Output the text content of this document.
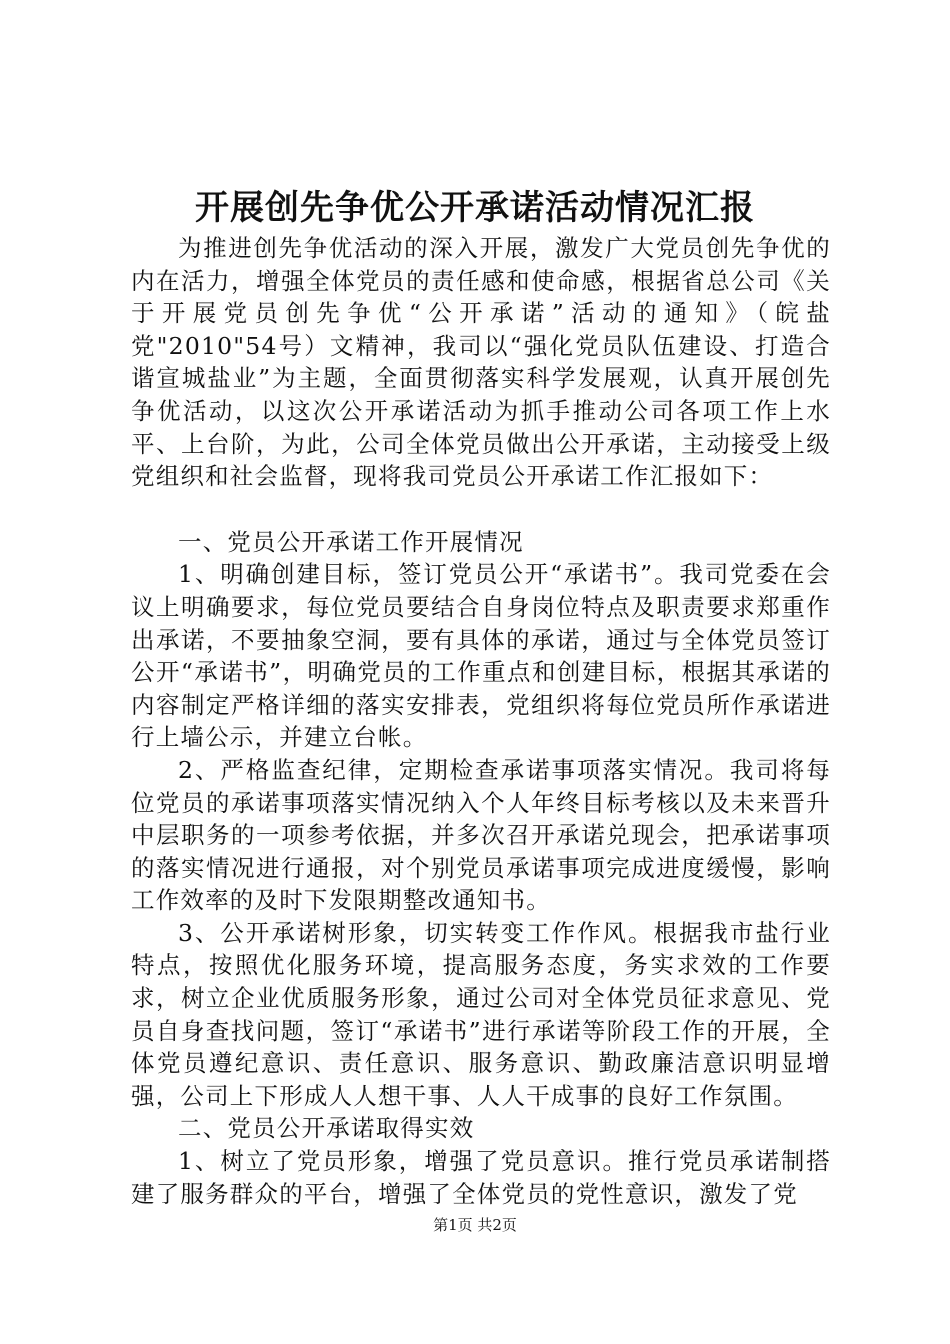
开展创先争优公开承诺活动情况汇报

为推进创先争优活动的深入开展，激发广大党员创先争优的内在活力，增强全体党员的责任感和使命感，根据省总公司《关于开展党员创先争优“公开承诺”活动的通知》（皖盐党"2010"54号）文精神，我司以“强化党员队伍建设、打造合谐宣城盐业”为主题，全面贯彻落实科学发展观，认真开展创先争优活动，以这次公开承诺活动为抓手推动公司各项工作上水平、上台阶，为此，公司全体党员做出公开承诺，主动接受上级党组织和社会监督，现将我司党员公开承诺工作汇报如下：

一、党员公开承诺工作开展情况

1、明确创建目标，签订党员公开“承诺书”。我司党委在会议上明确要求，每位党员要结合自身岗位特点及职责要求郑重作出承诺，不要抽象空洞，要有具体的承诺，通过与全体党员签订公开“承诺书”，明确党员的工作重点和创建目标，根据其承诺的内容制定严格详细的落实安排表，党组织将每位党员所作承诺进行上墙公示，并建立台帐。

2、严格监查纪律，定期检查承诺事项落实情况。我司将每位党员的承诺事项落实情况纳入个人年终目标考核以及未来晋升中层职务的一项参考依据，并多次召开承诺兑现会，把承诺事项的落实情况进行通报，对个别党员承诺事项完成进度缓慢，影响工作效率的及时下发限期整改通知书。

3、公开承诺树形象，切实转变工作作风。根据我市盐行业特点，按照优化服务环境，提高服务态度，务实求效的工作要求，树立企业优质服务形象，通过公司对全体党员征求意见、党员自身查找问题，签订“承诺书”进行承诺等阶段工作的开展，全体党员遵纪意识、责任意识、服务意识、勤政廉洁意识明显增强，公司上下形成人人想干事、人人干成事的良好工作氛围。

二、党员公开承诺取得实效

1、树立了党员形象，增强了党员意识。推行党员承诺制搭建了服务群众的平台，增强了全体党员的党性意识，激发了党

第1页 共2页
